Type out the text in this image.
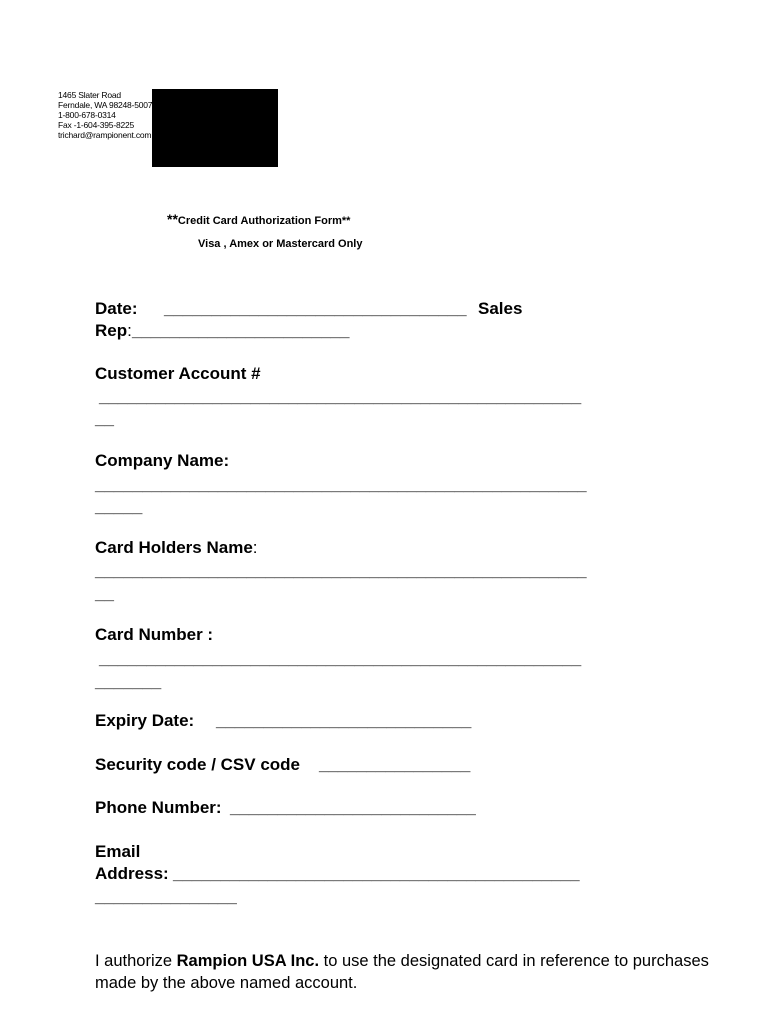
1465 Slater Road
Ferndale, WA 98248-5007
1-800-678-0314
Fax -1-604-395-8225
trichard@rampionent.com
**Credit Card Authorization Form**
Visa , Amex or Mastercard Only
Date: ________________________________ Sales
Rep: _______________________
Customer Account #
___________________________________________________
__
Company Name:
____________________________________________________
_____
Card Holders Name:
____________________________________________________
__
Card Number :
___________________________________________________
_______
Expiry Date: ___________________________
Security code / CSV code ________________
Phone Number: __________________________
Email
Address: ___________________________________________
_______________
I authorize Rampion USA Inc. to use the designated card in reference to purchases made by the above named account.
